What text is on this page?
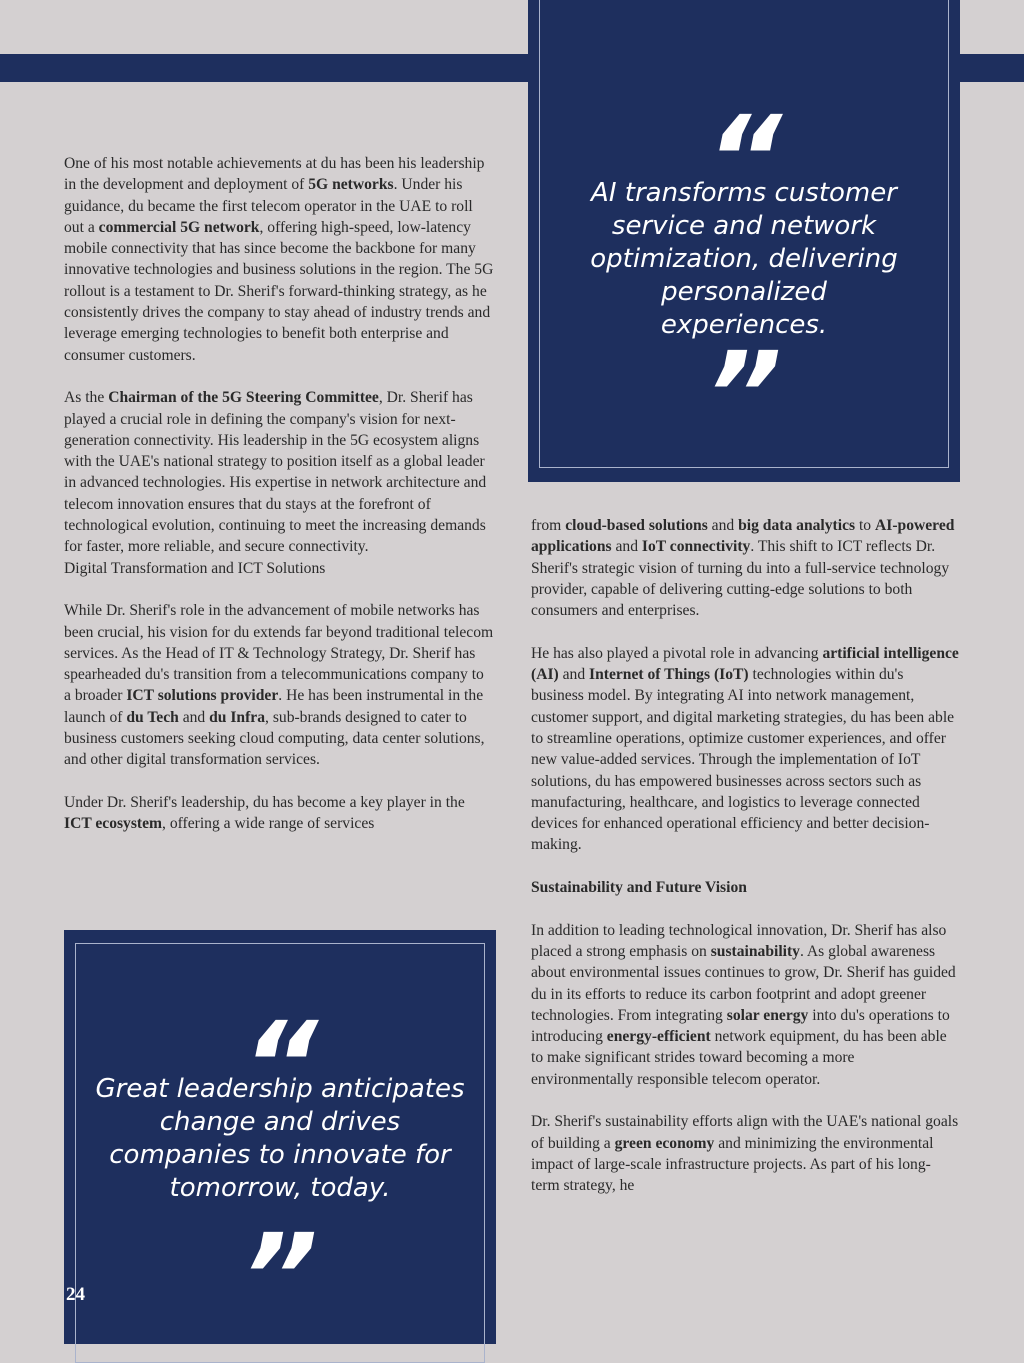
“
AI transforms customer service and network optimization, delivering personalized experiences.
”

One of his most notable achievements at du has been his leadership in the development and deployment of 5G networks. Under his guidance, du became the first telecom operator in the UAE to roll out a commercial 5G network, offering high-speed, low-latency mobile connectivity that has since become the backbone for many innovative technologies and business solutions in the region. The 5G rollout is a testament to Dr. Sherif's forward-thinking strategy, as he consistently drives the company to stay ahead of industry trends and leverage emerging technologies to benefit both enterprise and consumer customers.

As the Chairman of the 5G Steering Committee, Dr. Sherif has played a crucial role in defining the company's vision for next-generation connectivity. His leadership in the 5G ecosystem aligns with the UAE's national strategy to position itself as a global leader in advanced technologies. His expertise in network architecture and telecom innovation ensures that du stays at the forefront of technological evolution, continuing to meet the increasing demands for faster, more reliable, and secure connectivity.

Digital Transformation and ICT Solutions

While Dr. Sherif's role in the advancement of mobile networks has been crucial, his vision for du extends far beyond traditional telecom services. As the Head of IT & Technology Strategy, Dr. Sherif has spearheaded du's transition from a telecommunications company to a broader ICT solutions provider. He has been instrumental in the launch of du Tech and du Infra, sub-brands designed to cater to business customers seeking cloud computing, data center solutions, and other digital transformation services.

Under Dr. Sherif's leadership, du has become a key player in the ICT ecosystem, offering a wide range of services

from cloud-based solutions and big data analytics to AI-powered applications and IoT connectivity. This shift to ICT reflects Dr. Sherif's strategic vision of turning du into a full-service technology provider, capable of delivering cutting-edge solutions to both consumers and enterprises.

He has also played a pivotal role in advancing artificial intelligence (AI) and Internet of Things (IoT) technologies within du's business model. By integrating AI into network management, customer support, and digital marketing strategies, du has been able to streamline operations, optimize customer experiences, and offer new value-added services. Through the implementation of IoT solutions, du has empowered businesses across sectors such as manufacturing, healthcare, and logistics to leverage connected devices for enhanced operational efficiency and better decision-making.

Sustainability and Future Vision

In addition to leading technological innovation, Dr. Sherif has also placed a strong emphasis on sustainability. As global awareness about environmental issues continues to grow, Dr. Sherif has guided du in its efforts to reduce its carbon footprint and adopt greener technologies. From integrating solar energy into du's operations to introducing energy-efficient network equipment, du has been able to make significant strides toward becoming a more environmentally responsible telecom operator.

Dr. Sherif's sustainability efforts align with the UAE's national goals of building a green economy and minimizing the environmental impact of large-scale infrastructure projects. As part of his long-term strategy, he

“
Great leadership anticipates change and drives companies to innovate for tomorrow, today.
”
24
